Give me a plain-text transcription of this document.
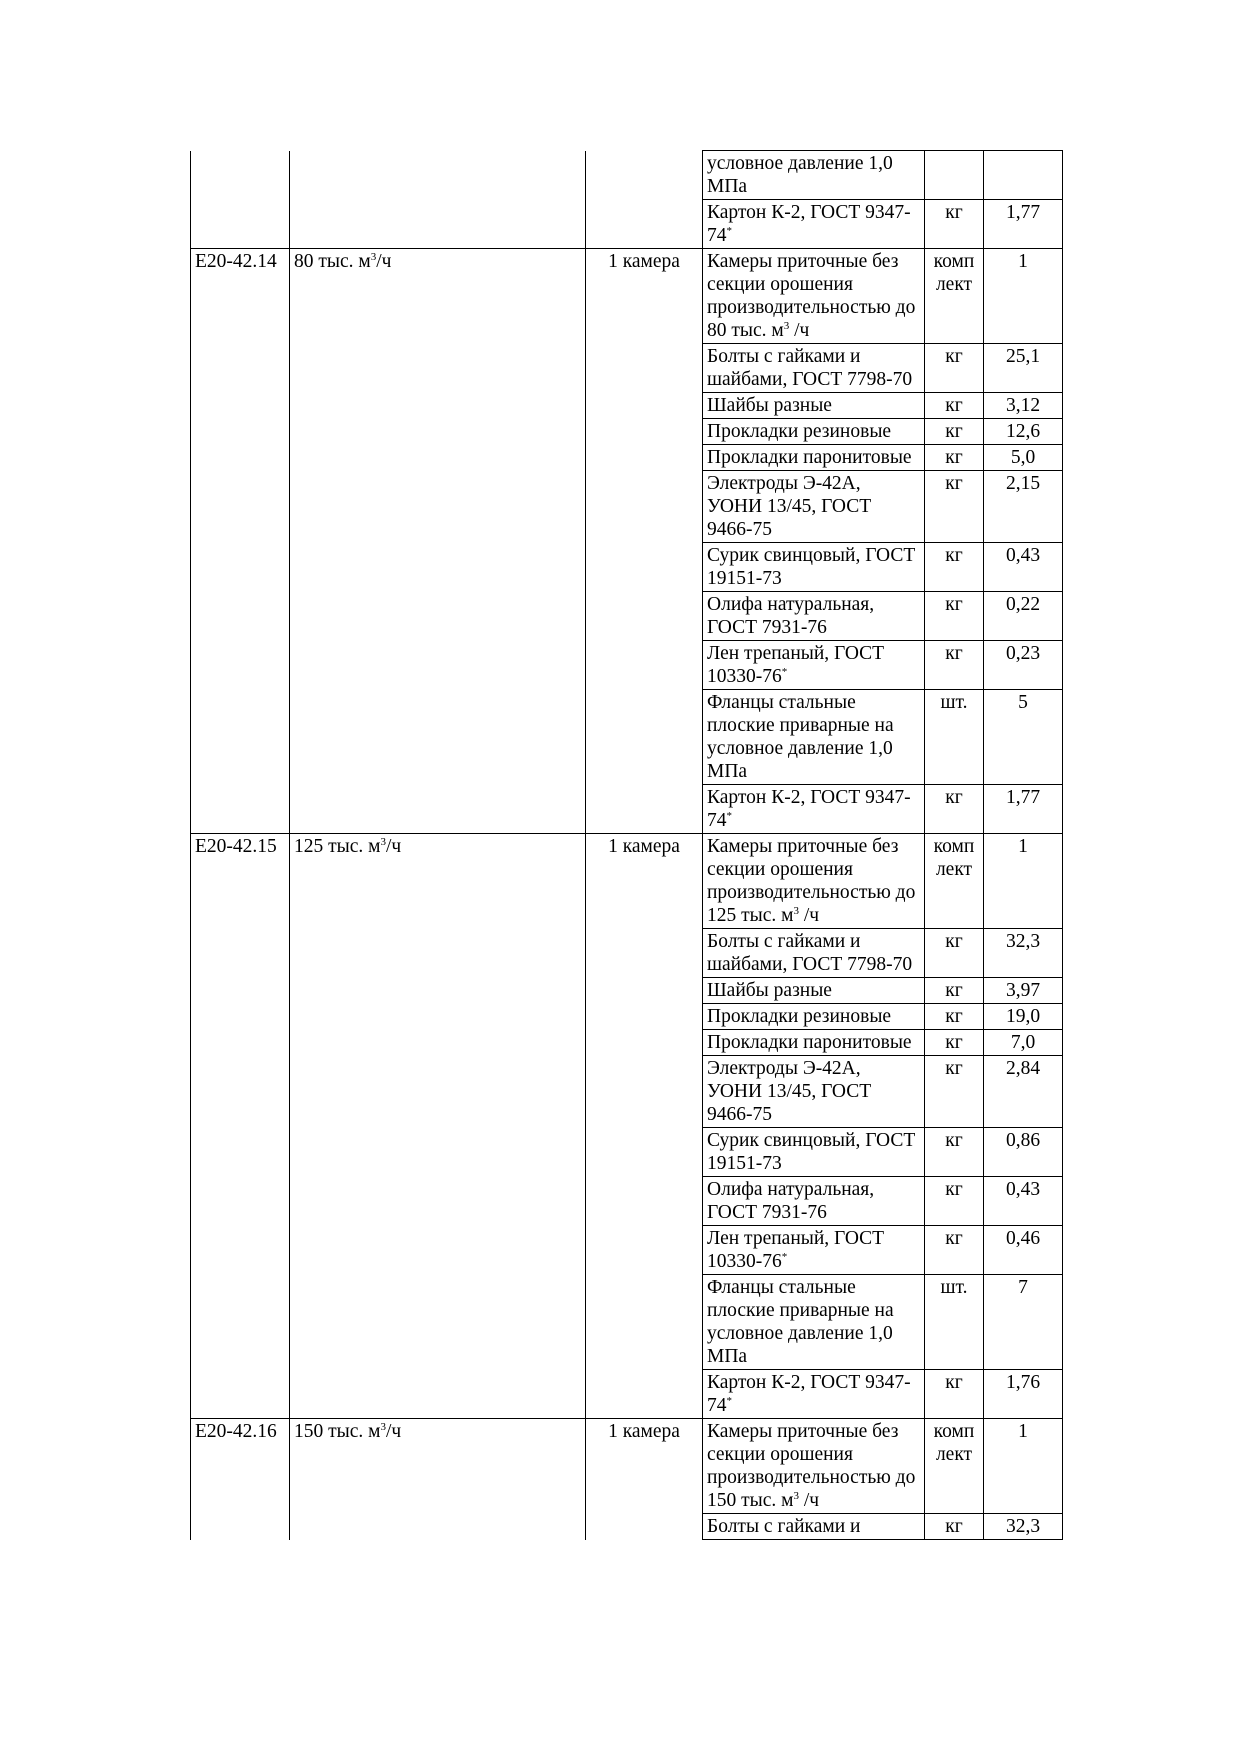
			условное давление 1,0 МПа		
			Картон К-2, ГОСТ 9347-74*	кг	1,77
Е20-42.14	80 тыс. $м^3/ч$	1 камера	Камеры приточные без секции орошения производительностью до 80 тыс. $м^3$ /ч	комп лект	1
			Болты с гайками и шайбами, ГОСТ 7798-70	кг	25,1
			Шайбы разные	кг	3,12
			Прокладки резиновые	кг	12,6
			Прокладки паронитовые	кг	5,0
			Электроды Э-42А, УОНИ 13/45, ГОСТ 9466-75	кг	2,15
			Сурик свинцовый, ГОСТ 19151-73	кг	0,43
			Олифа натуральная, ГОСТ 7931-76	кг	0,22
			Лен трепаный, ГОСТ 10330-76*	кг	0,23
			Фланцы стальные плоские приварные на условное давление 1,0 МПа	шт.	5
			Картон К-2, ГОСТ 9347-74*	кг	1,77
Е20-42.15	125 тыс. $м^3/ч$	1 камера	Камеры приточные без секции орошения производительностью до 125 тыс. $м^3$ /ч	комп лект	1
			Болты с гайками и шайбами, ГОСТ 7798-70	кг	32,3
			Шайбы разные	кг	3,97
			Прокладки резиновые	кг	19,0
			Прокладки паронитовые	кг	7,0
			Электроды Э-42А, УОНИ 13/45, ГОСТ 9466-75	кг	2,84
			Сурик свинцовый, ГОСТ 19151-73	кг	0,86
			Олифа натуральная, ГОСТ 7931-76	кг	0,43
			Лен трепаный, ГОСТ 10330-76*	кг	0,46
			Фланцы стальные плоские приварные на условное давление 1,0 МПа	шт.	7
			Картон К-2, ГОСТ 9347-74*	кг	1,76
Е20-42.16	150 тыс. $м^3/ч$	1 камера	Камеры приточные без секции орошения производительностью до 150 тыс. $м^3$ /ч	комп лект	1
			Болты с гайками и	кг	32,3
